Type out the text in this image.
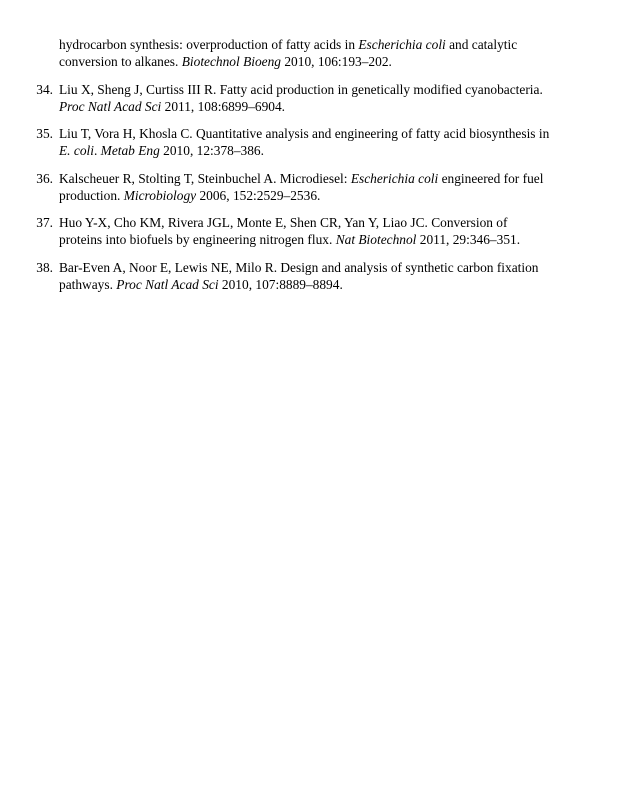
hydrocarbon synthesis: overproduction of fatty acids in Escherichia coli and catalytic
conversion to alkanes. Biotechnol Bioeng 2010, 106:193–202.
34. Liu X, Sheng J, Curtiss III R. Fatty acid production in genetically modified cyanobacteria.
Proc Natl Acad Sci 2011, 108:6899–6904.
35. Liu T, Vora H, Khosla C. Quantitative analysis and engineering of fatty acid biosynthesis in
E. coli. Metab Eng 2010, 12:378–386.
36. Kalscheuer R, Stolting T, Steinbuchel A. Microdiesel: Escherichia coli engineered for fuel
production. Microbiology 2006, 152:2529–2536.
37. Huo Y-X, Cho KM, Rivera JGL, Monte E, Shen CR, Yan Y, Liao JC. Conversion of
proteins into biofuels by engineering nitrogen flux. Nat Biotechnol 2011, 29:346–351.
38. Bar-Even A, Noor E, Lewis NE, Milo R. Design and analysis of synthetic carbon fixation
pathways. Proc Natl Acad Sci 2010, 107:8889–8894.
